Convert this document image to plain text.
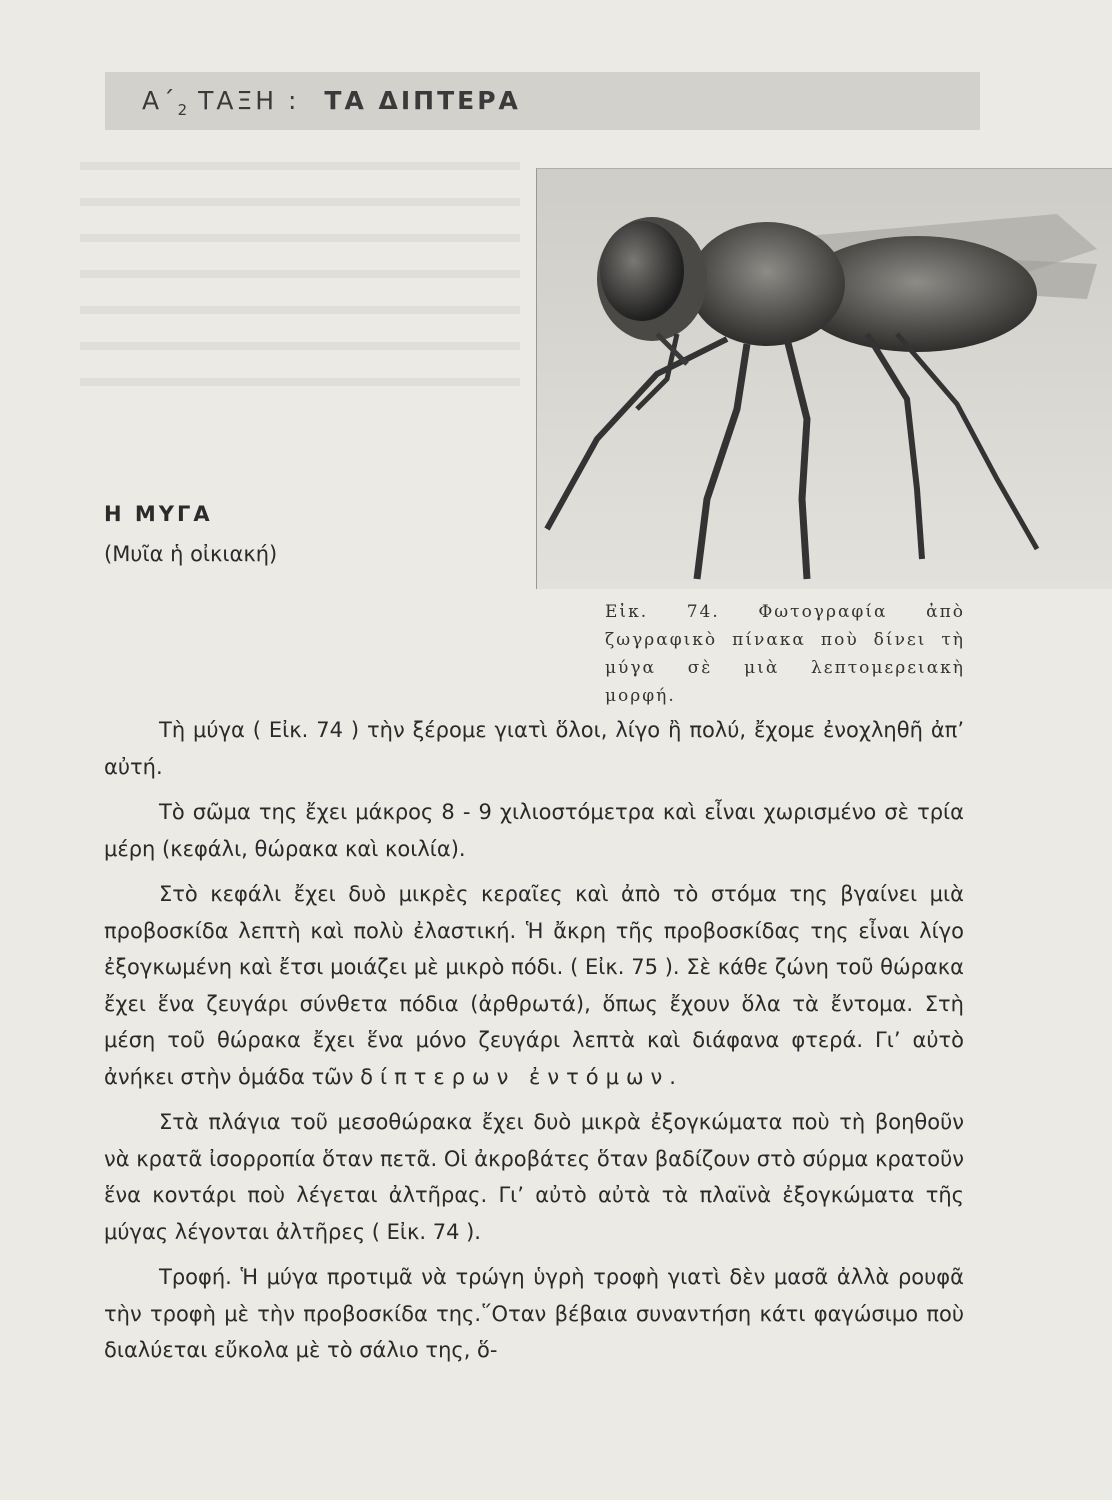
$A΄_2$ ΤΑΞΗ : ΤΑ ΔΙΠΤΕΡΑ
Εἰκ. 74. Φωτογραφία ἀπὸ ζωγραφικὸ πίνακα ποὺ δίνει τὴ μύγα σὲ μιὰ λεπτομερειακὴ μορφή.
Η ΜΥΓΑ
(Μυῖα ἡ οἰκιακή)

Τὴ μύγα ( Εἰκ. 74 ) τὴν ξέρομε γιατὶ ὅλοι, λίγο ἢ πολύ, ἔχομε ἐνοχληθῆ ἀπ’ αὐτή.

Τὸ σῶμα της ἔχει μάκρος 8 - 9 χιλιοστόμετρα καὶ εἶναι χωρισμένο σὲ τρία μέρη (κεφάλι, θώρακα καὶ κοιλία).

Στὸ κεφάλι ἔχει δυὸ μικρὲς κεραῖες καὶ ἀπὸ τὸ στόμα της βγαίνει μιὰ προβοσκίδα λεπτὴ καὶ πολὺ ἐλαστική. Ἡ ἄκρη τῆς προβοσκίδας της εἶναι λίγο ἐξογκωμένη καὶ ἔτσι μοιάζει μὲ μικρὸ πόδι. ( Εἰκ. 75 ). Σὲ κάθε ζώνη τοῦ θώρακα ἔχει ἕνα ζευγάρι σύνθετα πόδια (ἀρθρωτά), ὅπως ἔχουν ὅλα τὰ ἔντομα. Στὴ μέση τοῦ θώρακα ἔχει ἕνα μόνο ζευγάρι λεπτὰ καὶ διάφανα φτερά. Γι’ αὐτὸ ἀνήκει στὴν ὁμάδα τῶν δίπτερων ἐντόμων.

Στὰ πλάγια τοῦ μεσοθώρακα ἔχει δυὸ μικρὰ ἐξογκώματα ποὺ τὴ βοηθοῦν νὰ κρατᾶ ἰσορροπία ὅταν πετᾶ. Οἱ ἀκροβάτες ὅταν βαδίζουν στὸ σύρμα κρατοῦν ἕνα κοντάρι ποὺ λέγεται ἀλτῆρας. Γι’ αὐτὸ αὐτὰ τὰ πλαϊνὰ ἐξογκώματα τῆς μύγας λέγονται ἀλτῆρες ( Εἰκ. 74 ).

Τροφή. Ἡ μύγα προτιμᾶ νὰ τρώγη ὑγρὴ τροφὴ γιατὶ δὲν μασᾶ ἀλλὰ ρουφᾶ τὴν τροφὴ μὲ τὴν προβοσκίδα της.῞Οταν βέβαια συναντήση κάτι φαγώσιμο ποὺ διαλύεται εὔκολα μὲ τὸ σάλιο της, ὅ-
